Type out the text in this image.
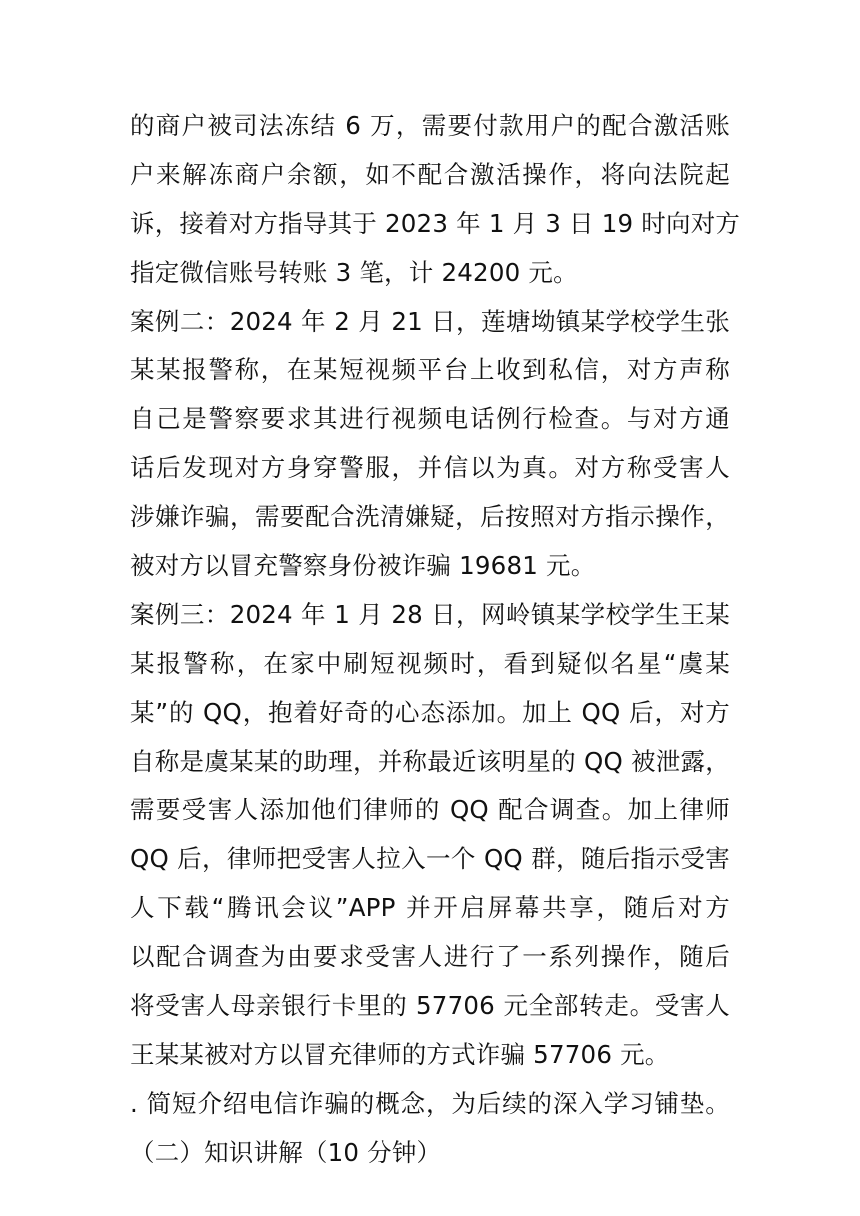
的商户被司法冻结 6 万，需要付款用户的配合激活账
户来解冻商户余额，如不配合激活操作，将向法院起
诉，接着对方指导其于 2023 年 1 月 3 日 19 时向对方
指定微信账号转账 3 笔，计 24200 元。
案例二：2024 年 2 月 21 日，莲塘坳镇某学校学生张
某某报警称，在某短视频平台上收到私信，对方声称
自己是警察要求其进行视频电话例行检查。与对方通
话后发现对方身穿警服，并信以为真。对方称受害人
涉嫌诈骗，需要配合洗清嫌疑，后按照对方指示操作，
被对方以冒充警察身份被诈骗 19681 元。
案例三：2024 年 1 月 28 日，网岭镇某学校学生王某
某报警称，在家中刷短视频时，看到疑似名星“虞某
某”的 QQ，抱着好奇的心态添加。加上 QQ 后，对方
自称是虞某某的助理，并称最近该明星的 QQ 被泄露，
需要受害人添加他们律师的 QQ 配合调查。加上律师
QQ 后，律师把受害人拉入一个 QQ 群，随后指示受害
人下载“腾讯会议”APP 并开启屏幕共享，随后对方
以配合调查为由要求受害人进行了一系列操作，随后
将受害人母亲银行卡里的 57706 元全部转走。受害人
王某某被对方以冒充律师的方式诈骗 57706 元。
. 简短介绍电信诈骗的概念，为后续的深入学习铺垫。
（二）知识讲解（10 分钟）
